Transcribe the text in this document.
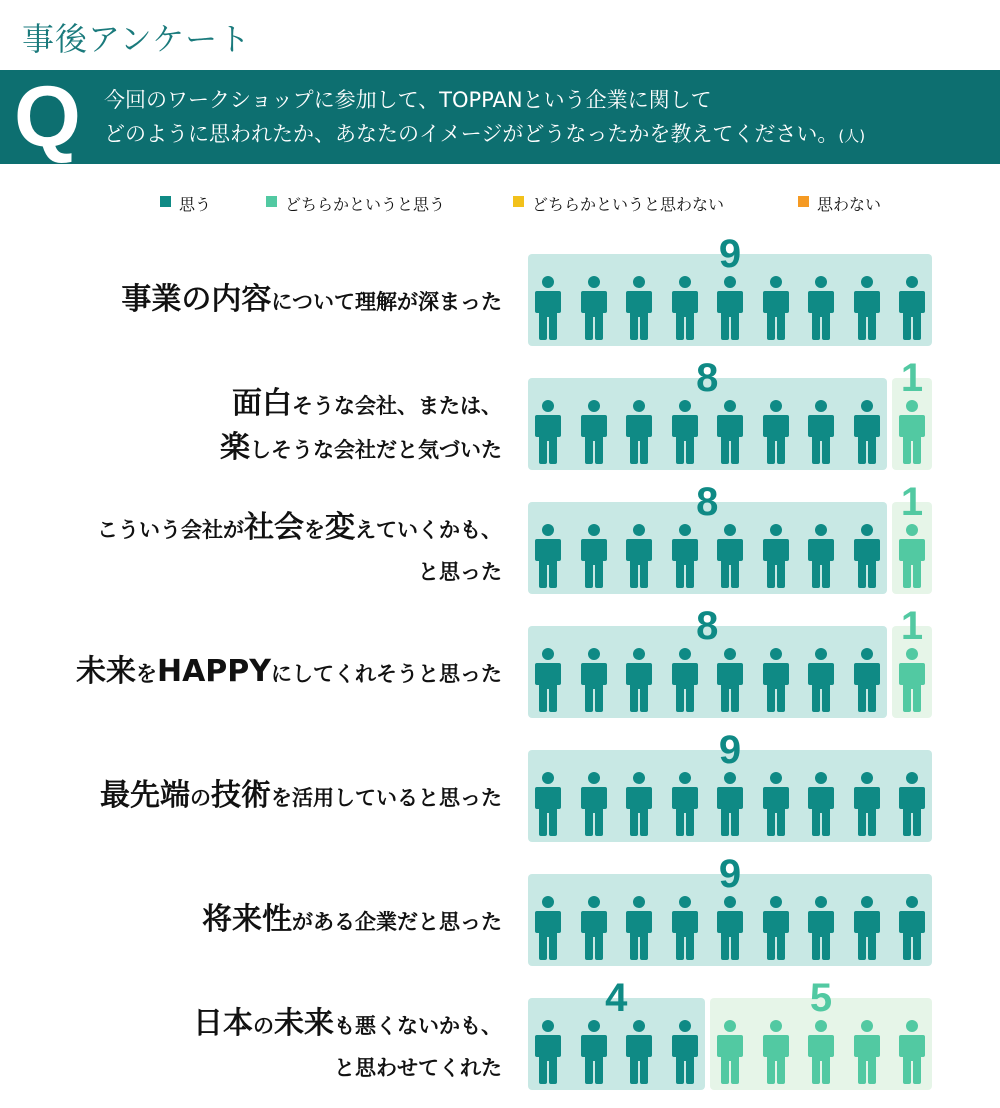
事後アンケート
Q 今回のワークショップに参加して、TOPPANという企業に関して
どのように思われたか、あなたのイメージがどうなったかを教えてください。(人)
思う	どちらかというと思う	どちらかというと思わない	思わない
事業の内容について理解が深まった
9
面白そうな会社、または、
楽しそうな会社だと気づいた
8	1
こういう会社が社会を変えていくかも、
と思った
8	1
未来をHAPPYにしてくれそうと思った
8	1
最先端の技術を活用していると思った
9
将来性がある企業だと思った
9
日本の未来も悪くないかも、
と思わせてくれた
4	5
